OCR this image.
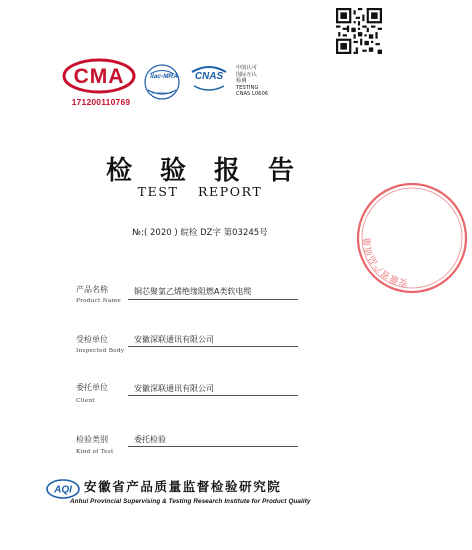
CMA
171200110769
ilac-MRA	CNAS
中国认可
国际互认
检测
TESTING
CNAS L0606
检验报告
TEST REPORT
№:( 2020 ) 皖检 DZ字 第03245号
安徽省产品质量
产品名称
Product Name
铜芯聚氯乙烯绝缘阻燃A类软电缆
受检单位
Inspected Body
安徽深联通讯有限公司
委托单位
Client
安徽深联通讯有限公司
检验类别
Kind of Test
委托检验
AQI 安徽省产品质量监督检验研究院
Anhui Provincial Supervising & Testing Research Institute for Product Quality
